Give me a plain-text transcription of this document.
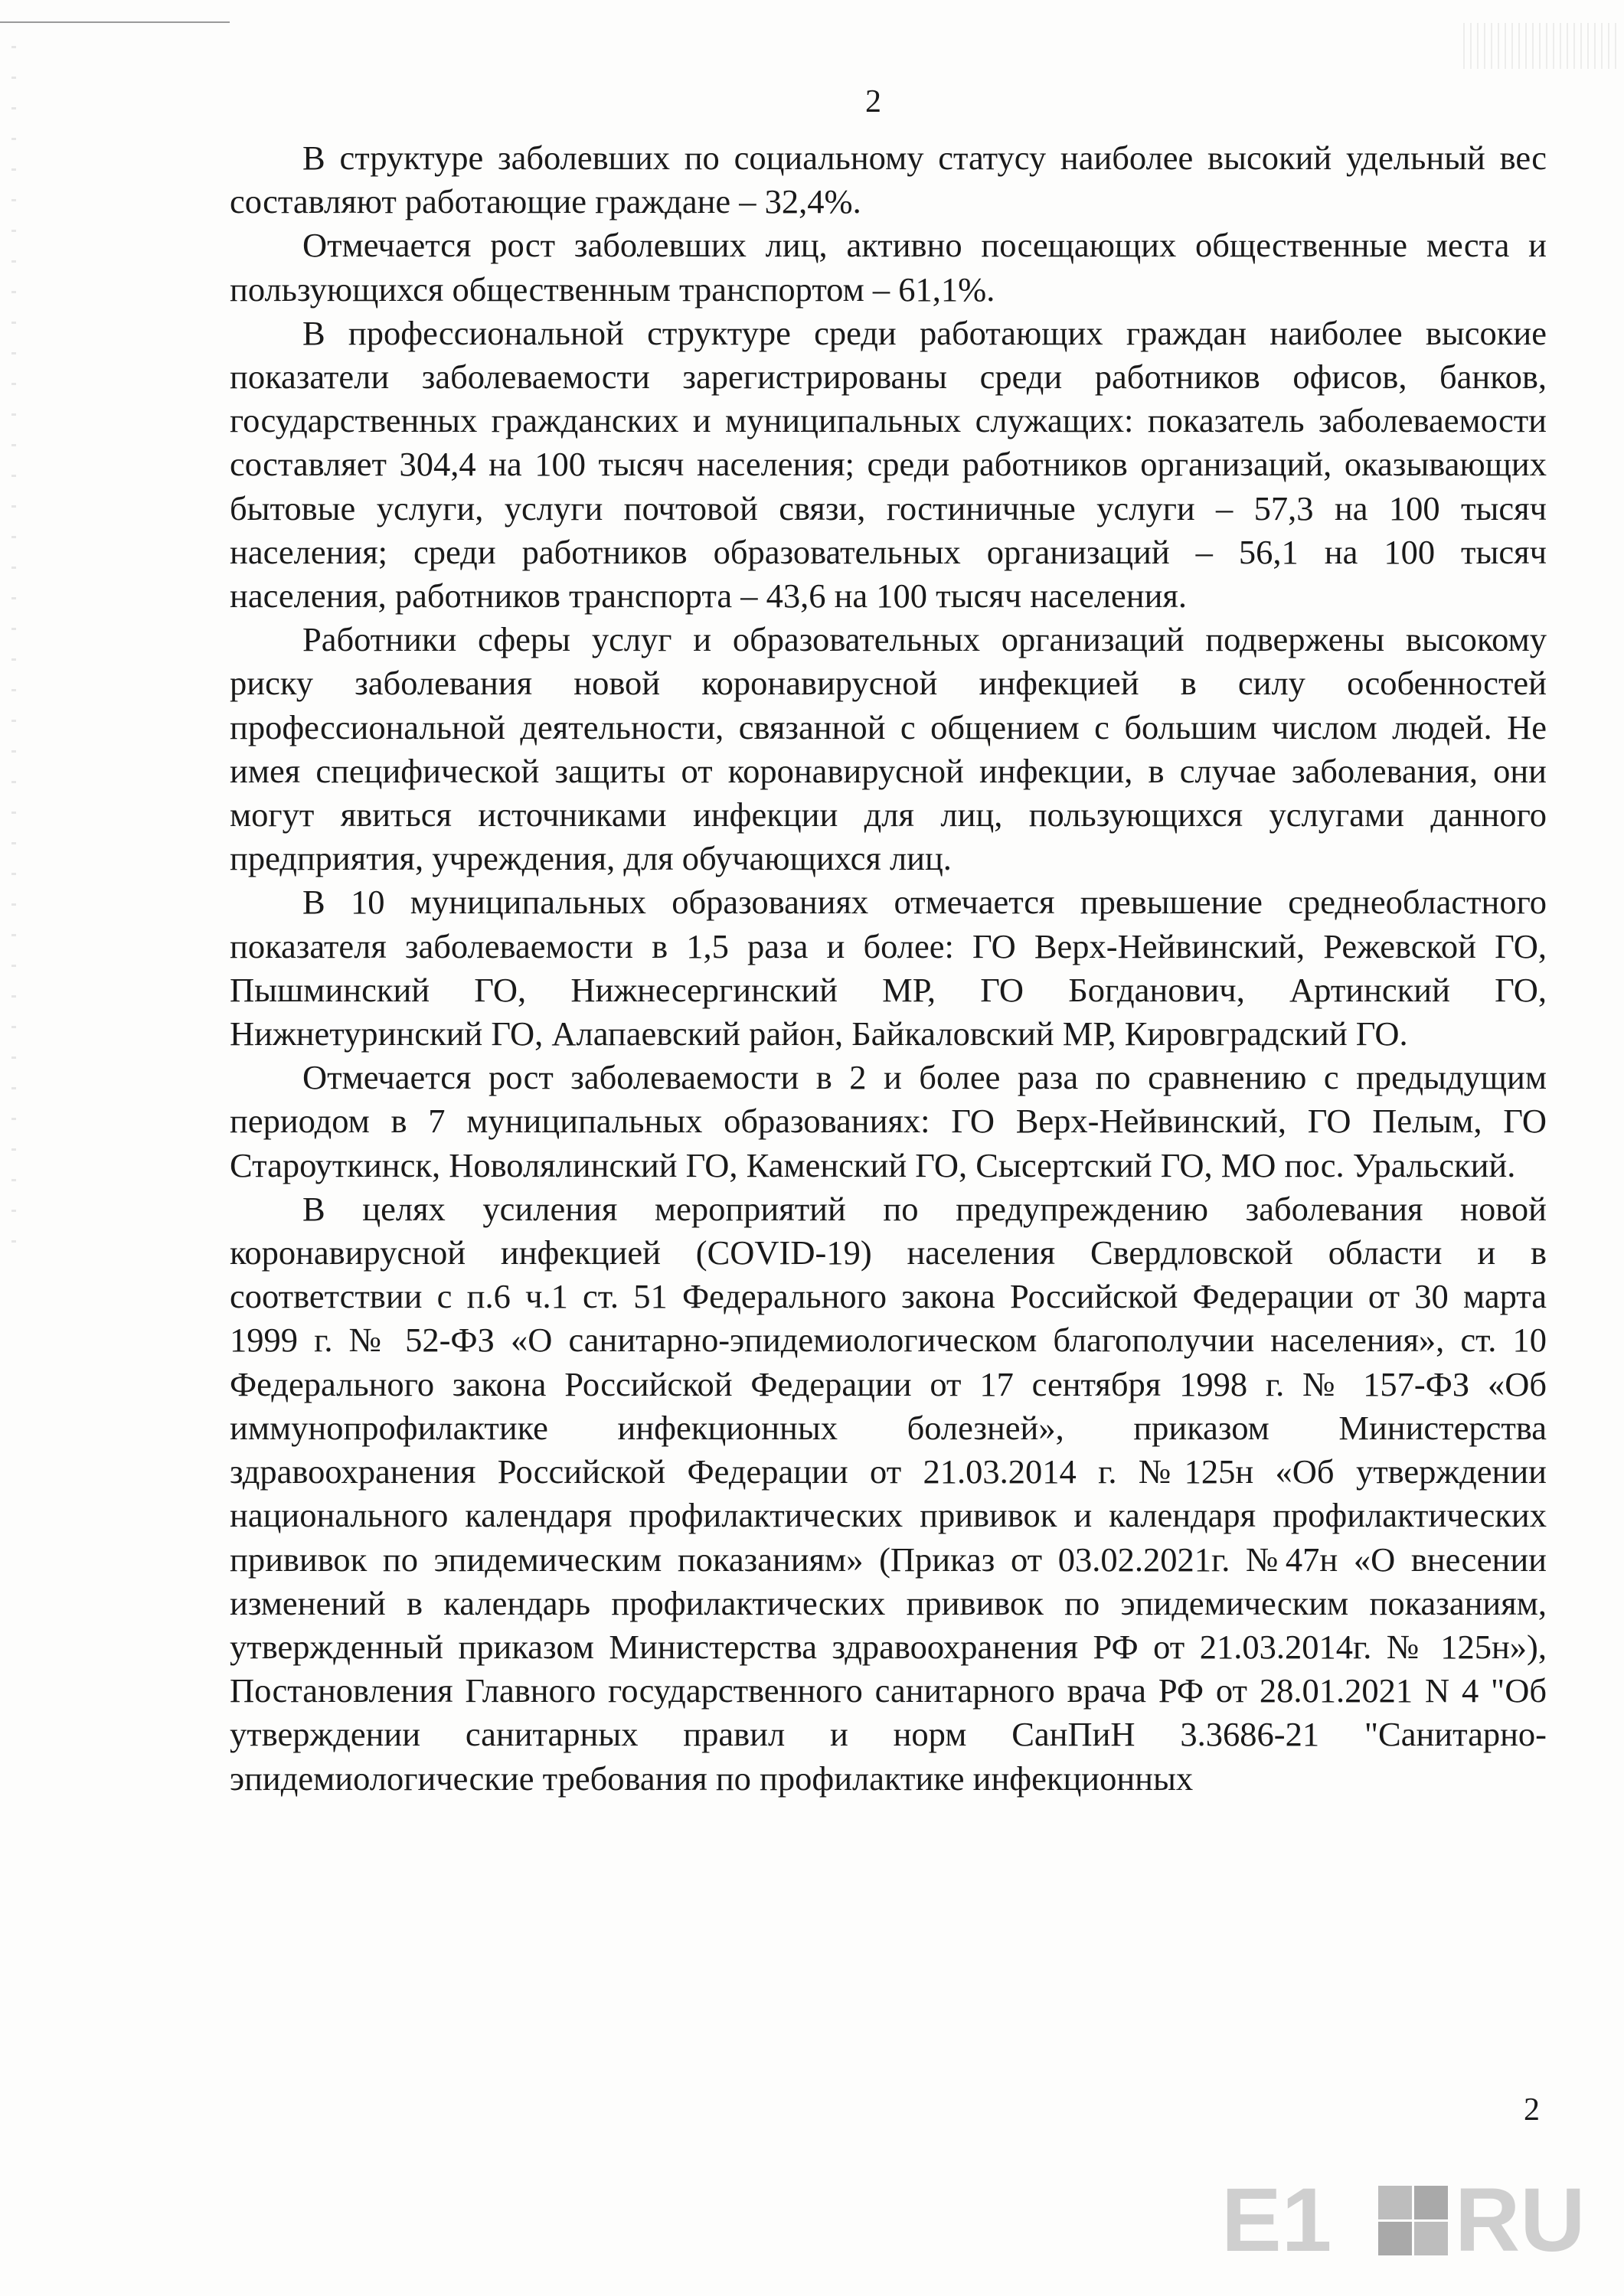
2

В структуре заболевших по социальному статусу наиболее высокий удельный вес составляют работающие граждане – 32,4%.

Отмечается рост заболевших лиц, активно посещающих общественные места и пользующихся общественным транспортом – 61,1%.

В профессиональной структуре среди работающих граждан наиболее высокие показатели заболеваемости зарегистрированы среди работников офисов, банков, государственных гражданских и муниципальных служащих: показатель заболеваемости составляет 304,4 на 100 тысяч населения; среди работников организаций, оказывающих бытовые услуги, услуги почтовой связи, гостиничные услуги – 57,3 на 100 тысяч населения; среди работников образовательных организаций – 56,1 на 100 тысяч населения, работников транспорта – 43,6 на 100 тысяч населения.

Работники сферы услуг и образовательных организаций подвержены высокому риску заболевания новой коронавирусной инфекцией в силу особенностей профессиональной деятельности, связанной с общением с большим числом людей. Не имея специфической защиты от коронавирусной инфекции, в случае заболевания, они могут явиться источниками инфекции для лиц, пользующихся услугами данного предприятия, учреждения, для обучающихся лиц.

В 10 муниципальных образованиях отмечается превышение среднеобластного показателя заболеваемости в 1,5 раза и более: ГО Верх-Нейвинский, Режевской ГО, Пышминский ГО, Нижнесергинский МР, ГО Богданович, Артинский ГО, Нижнетуринский ГО, Алапаевский район, Байкаловский МР, Кировградский ГО.

Отмечается рост заболеваемости в 2 и более раза по сравнению с предыдущим периодом в 7 муниципальных образованиях: ГО Верх-Нейвинский, ГО Пелым, ГО Староуткинск, Новолялинский ГО, Каменский ГО, Сысертский ГО, МО пос. Уральский.

В целях усиления мероприятий по предупреждению заболевания новой коронавирусной инфекцией (COVID-19) населения Свердловской области и в соответствии с п.6 ч.1 ст. 51 Федерального закона Российской Федерации от 30 марта 1999 г. № 52-ФЗ «О санитарно-эпидемиологическом благополучии населения», ст. 10 Федерального закона Российской Федерации от 17 сентября 1998 г. № 157-ФЗ «Об иммунопрофилактике инфекционных болезней», приказом Министерства здравоохранения Российской Федерации от 21.03.2014 г. №125н «Об утверждении национального календаря профилактических прививок и календаря профилактических прививок по эпидемическим показаниям» (Приказ от 03.02.2021г. №47н «О внесении изменений в календарь профилактических прививок по эпидемическим показаниям, утвержденный приказом Министерства здравоохранения РФ от 21.03.2014г. № 125н»), Постановления Главного государственного санитарного врача РФ от 28.01.2021 N 4 "Об утверждении санитарных правил и норм СанПиН 3.3686-21 "Санитарно-эпидемиологические требования по профилактике инфекционных

2
E1 RU
